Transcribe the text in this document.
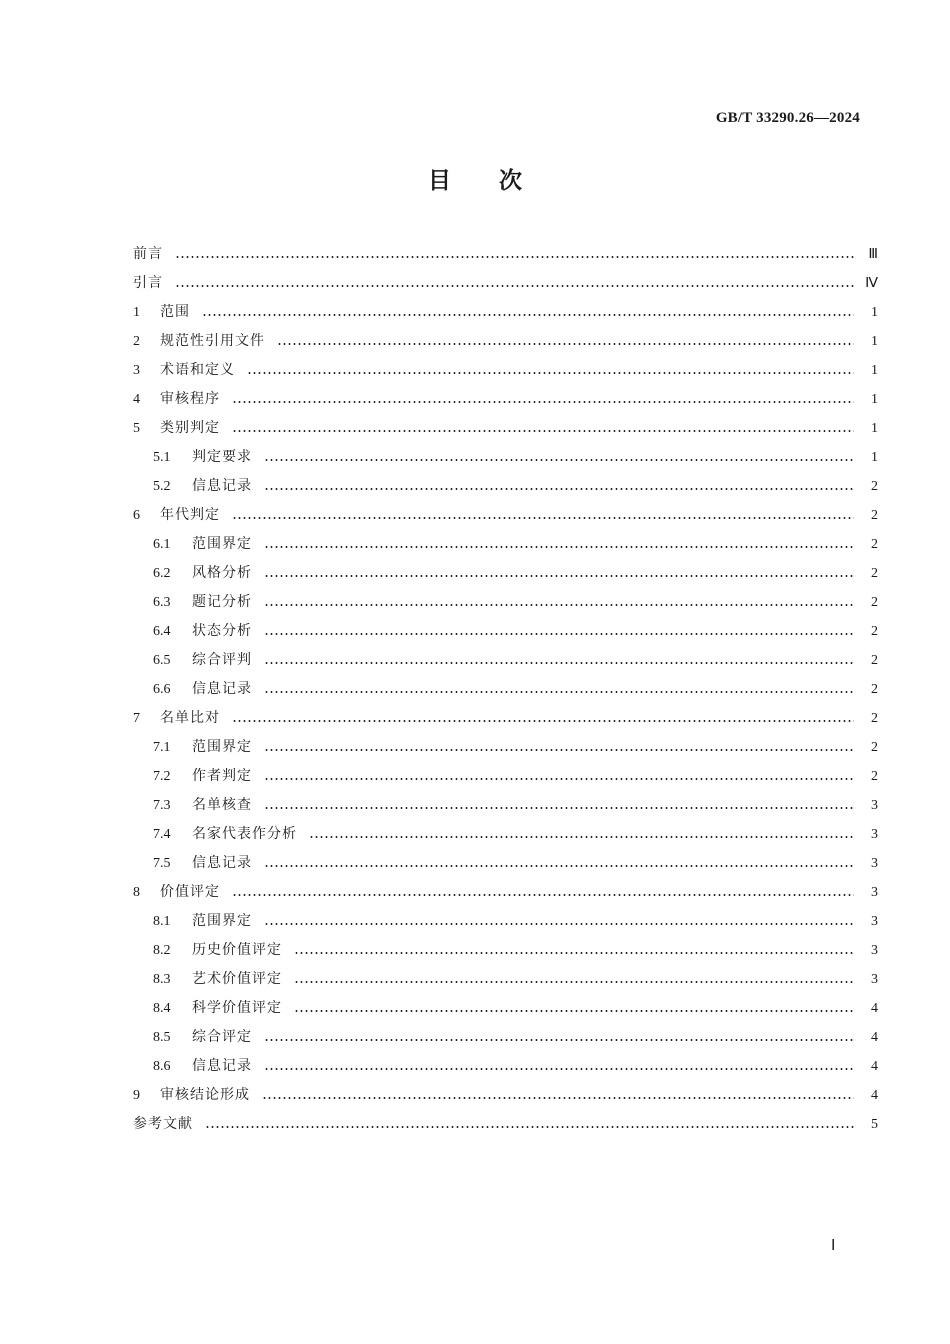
GB/T 33290.26—2024
目次
前言	Ⅲ
引言	Ⅳ
1	范围	1
2	规范性引用文件	1
3	术语和定义	1
4	审核程序	1
5	类别判定	1
5.1	判定要求	1
5.2	信息记录	2
6	年代判定	2
6.1	范围界定	2
6.2	风格分析	2
6.3	题记分析	2
6.4	状态分析	2
6.5	综合评判	2
6.6	信息记录	2
7	名单比对	2
7.1	范围界定	2
7.2	作者判定	2
7.3	名单核查	3
7.4	名家代表作分析	3
7.5	信息记录	3
8	价值评定	3
8.1	范围界定	3
8.2	历史价值评定	3
8.3	艺术价值评定	3
8.4	科学价值评定	4
8.5	综合评定	4
8.6	信息记录	4
9	审核结论形成	4
参考文献	5
Ⅰ
